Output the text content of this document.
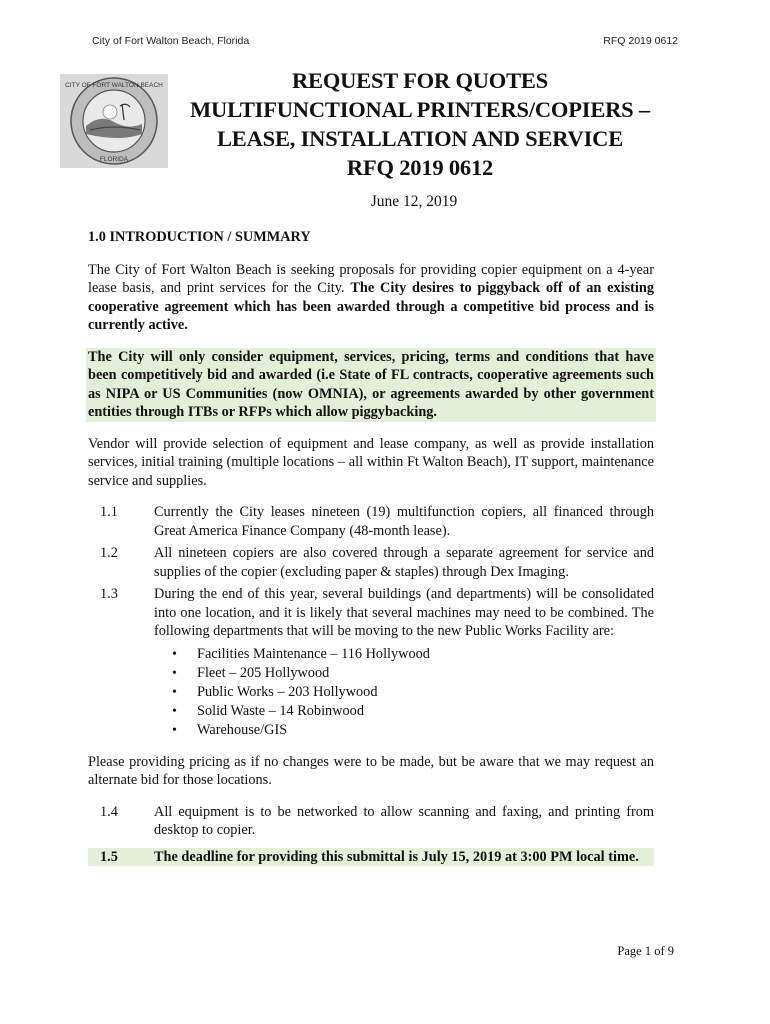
City of Fort Walton Beach, Florida	RFQ 2019 0612
CITY OF FORT WALTON BEACH
FLORIDA
REQUEST FOR QUOTES
MULTIFUNCTIONAL PRINTERS/COPIERS –
LEASE, INSTALLATION AND SERVICE
RFQ 2019 0612
June 12, 2019
1.0 INTRODUCTION / SUMMARY

The City of Fort Walton Beach is seeking proposals for providing copier equipment on a 4-year lease basis, and print services for the City. The City desires to piggyback off of an existing cooperative agreement which has been awarded through a competitive bid process and is currently active.

The City will only consider equipment, services, pricing, terms and conditions that have been competitively bid and awarded (i.e State of FL contracts, cooperative agreements such as NIPA or US Communities (now OMNIA), or agreements awarded by other government entities through ITBs or RFPs which allow piggybacking.

Vendor will provide selection of equipment and lease company, as well as provide installation services, initial training (multiple locations – all within Ft Walton Beach), IT support, maintenance service and supplies.

1.1	Currently the City leases nineteen (19) multifunction copiers, all financed through Great America Finance Company (48-month lease).
1.2	All nineteen copiers are also covered through a separate agreement for service and supplies of the copier (excluding paper & staples) through Dex Imaging.
1.3	During the end of this year, several buildings (and departments) will be consolidated into one location, and it is likely that several machines may need to be combined. The following departments that will be moving to the new Public Works Facility are:
• Facilities Maintenance – 116 Hollywood
• Fleet – 205 Hollywood
• Public Works – 203 Hollywood
• Solid Waste – 14 Robinwood
• Warehouse/GIS

Please providing pricing as if no changes were to be made, but be aware that we may request an alternate bid for those locations.

1.4	All equipment is to be networked to allow scanning and faxing, and printing from desktop to copier.
1.5	The deadline for providing this submittal is July 15, 2019 at 3:00 PM local time.
Page 1 of 9
